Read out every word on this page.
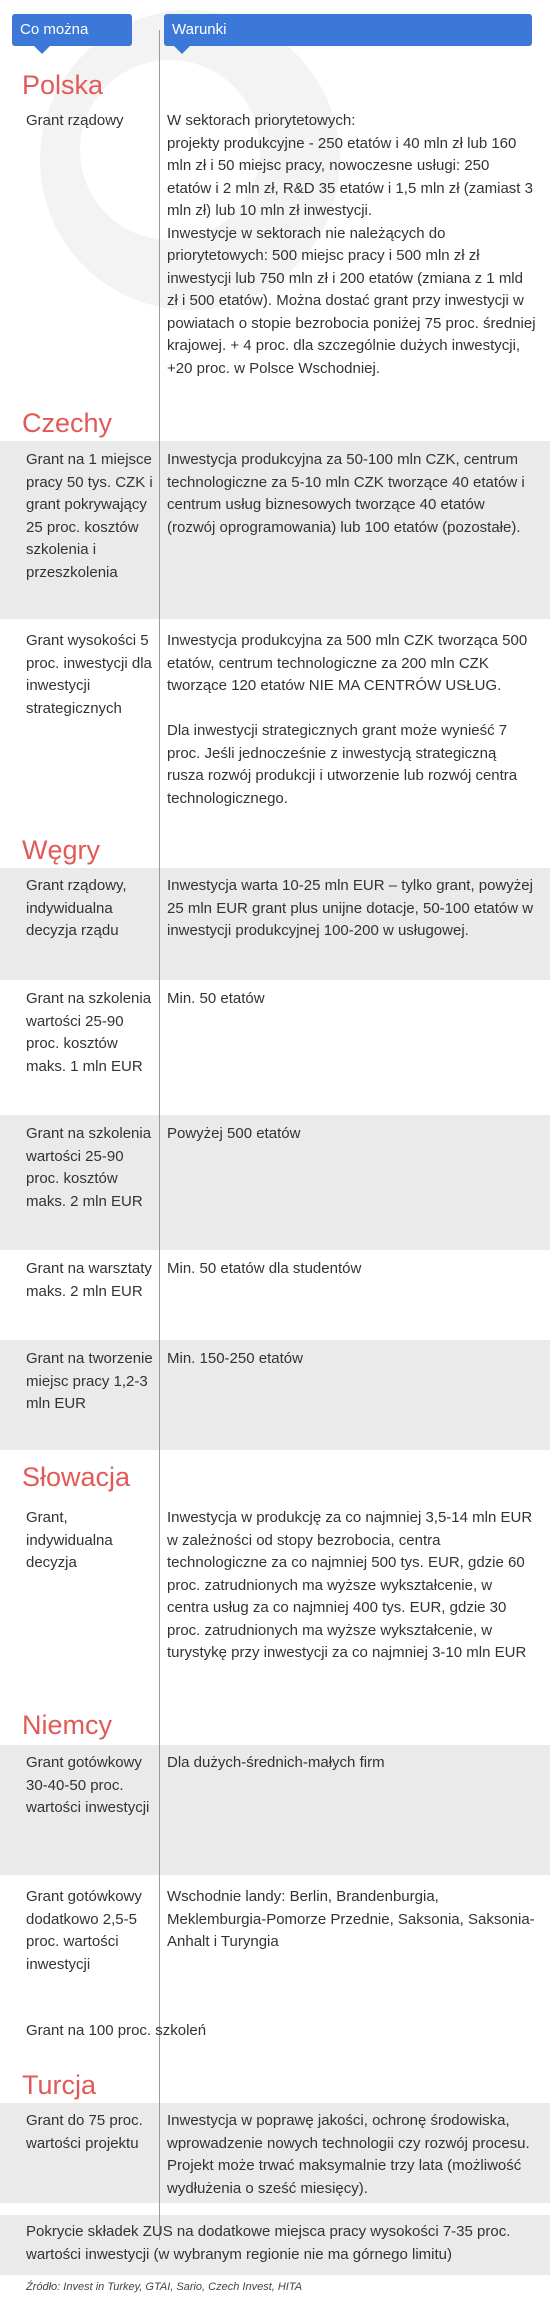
Co można dostać
Warunki
Polska
Grant rządowy	W sektorach priorytetowych:
projekty produkcyjne - 250 etatów i 40 mln zł lub 160 mln zł i 50 miejsc pracy, nowoczesne usługi: 250 etatów i 2 mln zł, R&D 35 etatów i 1,5 mln zł (zamiast 3 mln zł) lub 10 mln zł inwestycji.
Inwestycje w sektorach nie należących do priorytetowych: 500 miejsc pracy i 500 mln zł zł inwestycji lub 750 mln zł i 200 etatów (zmiana z 1 mld zł i 500 etatów). Można dostać grant przy inwestycji w powiatach o stopie bezrobocia poniżej 75 proc. średniej krajowej. + 4 proc. dla szczególnie dużych inwestycji, +20 proc. w Polsce Wschodniej.
Czechy
Grant na 1 miejsce pracy 50 tys. CZK i grant pokrywający 25 proc. kosztów szkolenia i przeszkolenia
Inwestycja produkcyjna za 50-100 mln CZK, centrum technologiczne za 5-10 mln CZK tworzące 40 etatów i centrum usług biznesowych tworzące 40 etatów (rozwój oprogramowania) lub 100 etatów (pozostałe).
Grant wysokości 5 proc. inwestycji dla inwestycji strategicznych
Inwestycja produkcyjna za 500 mln CZK tworząca 500 etatów, centrum technologiczne za 200 mln CZK tworzące 120 etatów NIE MA CENTRÓW USŁUG.

Dla inwestycji strategicznych grant może wynieść 7 proc. Jeśli jednocześnie z inwestycją strategiczną rusza rozwój produkcji i utworzenie lub rozwój centra technologicznego.
Węgry
Grant rządowy, indywidualna decyzja rządu
Inwestycja warta 10-25 mln EUR – tylko grant, powyżej 25 mln EUR grant plus unijne dotacje, 50-100 etatów w inwestycji produkcyjnej 100-200 w usługowej.
Grant na szkolenia wartości 25-90 proc. kosztów maks. 1 mln EUR
Min. 50 etatów
Grant na szkolenia wartości 25-90 proc. kosztów maks. 2 mln EUR
Powyżej 500 etatów
Grant na warsztaty maks. 2 mln EUR
Min. 50 etatów dla studentów
Grant na tworzenie miejsc pracy 1,2-3 mln EUR
Min. 150-250 etatów
Słowacja
Grant, indywidualna decyzja
Inwestycja w produkcję za co najmniej 3,5-14 mln EUR w zależności od stopy bezrobocia, centra technologiczne za co najmniej 500 tys. EUR, gdzie 60 proc. zatrudnionych ma wyższe wykształcenie, w centra usług za co najmniej 400 tys. EUR, gdzie 30 proc. zatrudnionych ma wyższe wykształcenie, w turystykę przy inwestycji za co najmniej 3-10 mln EUR
Niemcy
Grant gotówkowy 30-40-50 proc. wartości inwestycji
Dla dużych-średnich-małych firm
Grant gotówkowy dodatkowo 2,5-5 proc. wartości inwestycji
Wschodnie landy: Berlin, Brandenburgia, Meklemburgia-Pomorze Przednie, Saksonia, Saksonia-Anhalt i Turyngia
Grant na 100 proc. szkoleń
Turcja
Grant do 75 proc. wartości projektu
Inwestycja w poprawę jakości, ochronę środowiska, wprowadzenie nowych technologii czy rozwój procesu. Projekt może trwać maksymalnie trzy lata (możliwość wydłużenia o sześć miesięcy).
Pokrycie składek ZUS na dodatkowe miejsca pracy wysokości 7-35 proc. wartości inwestycji (w wybranym regionie nie ma górnego limitu)
Źródło: Invest in Turkey, GTAI, Sario, Czech Invest, HITA
